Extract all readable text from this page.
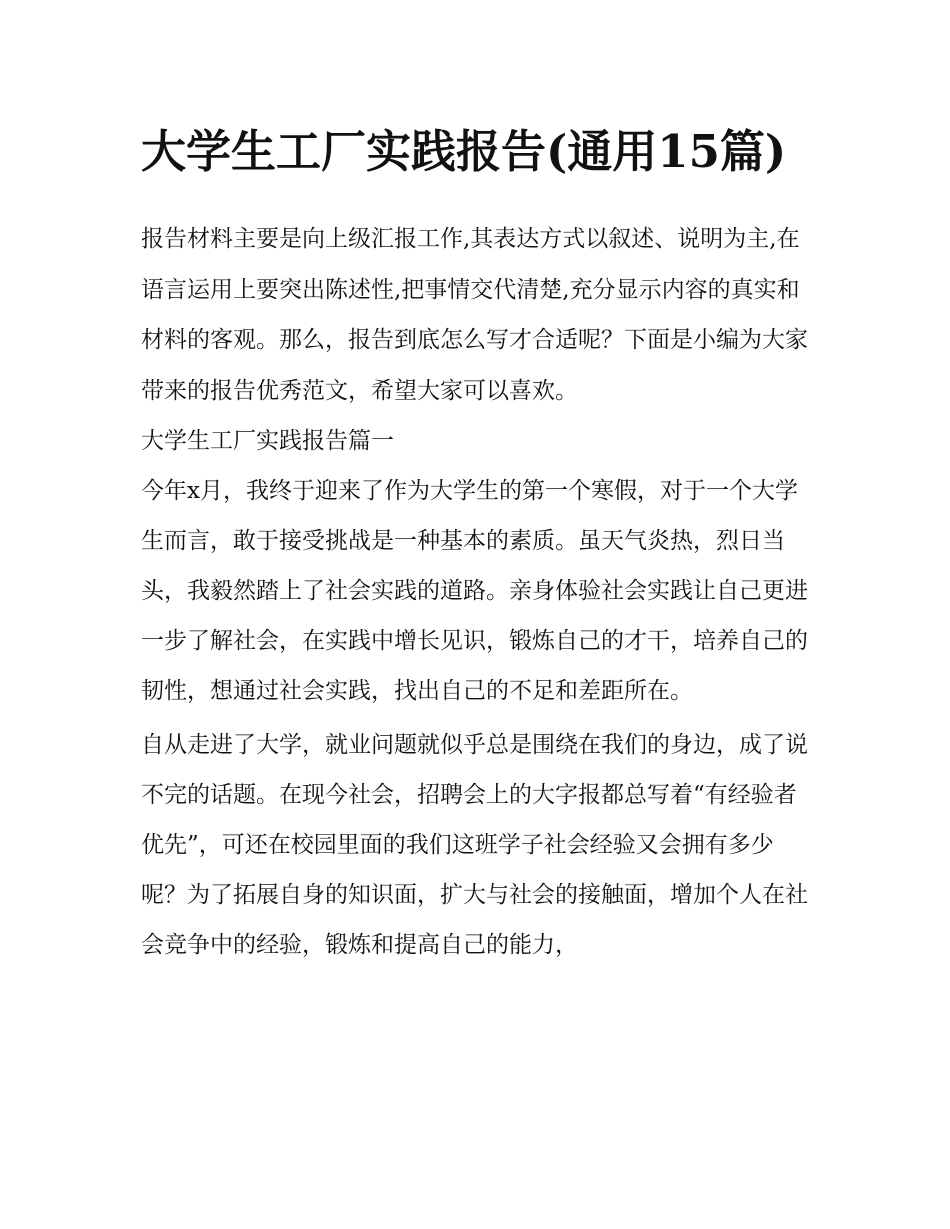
大学生工厂实践报告(通用15篇)

报告材料主要是向上级汇报工作,其表达方式以叙述、说明为主,在语言运用上要突出陈述性,把事情交代清楚,充分显示内容的真实和材料的客观。那么，报告到底怎么写才合适呢？下面是小编为大家带来的报告优秀范文，希望大家可以喜欢。

大学生工厂实践报告篇一

今年x月，我终于迎来了作为大学生的第一个寒假，对于一个大学生而言，敢于接受挑战是一种基本的素质。虽天气炎热，烈日当头，我毅然踏上了社会实践的道路。亲身体验社会实践让自己更进一步了解社会，在实践中增长见识，锻炼自己的才干，培养自己的韧性，想通过社会实践，找出自己的不足和差距所在。

自从走进了大学，就业问题就似乎总是围绕在我们的身边，成了说不完的话题。在现今社会，招聘会上的大字报都总写着“有经验者优先”，可还在校园里面的我们这班学子社会经验又会拥有多少呢？为了拓展自身的知识面，扩大与社会的接触面，增加个人在社会竞争中的经验，锻炼和提高自己的能力，
